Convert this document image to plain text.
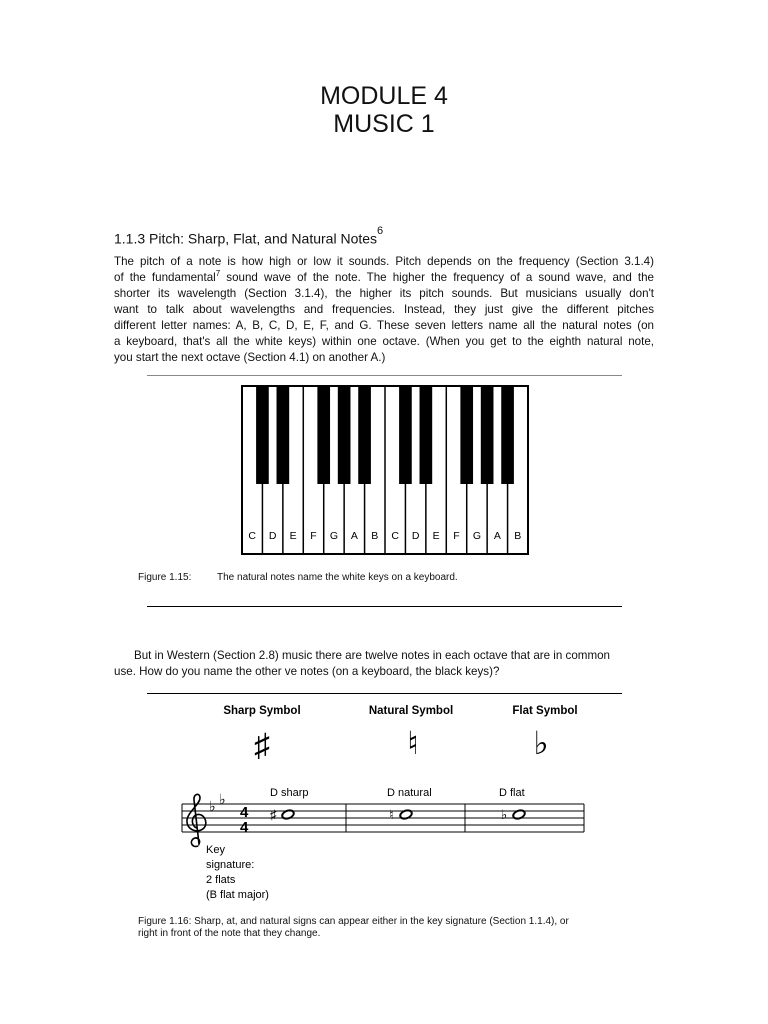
MODULE 4
MUSIC 1
1.1.3 Pitch: Sharp, Flat, and Natural Notes$^6$

The pitch of a note is how high or low it sounds. Pitch depends on the frequency (Section 3.1.4)
of the fundamental$^7$ sound wave of the note. The higher the frequency of a sound wave, and the
shorter its wavelength (Section 3.1.4), the higher its pitch sounds. But musicians usually don't
want to talk about wavelengths and frequencies. Instead, they just give the different pitches
different letter names: A, B, C, D, E, F, and G. These seven letters name all the natural notes (on
a keyboard, that's all the white keys) within one octave. (When you get to the eighth natural note,
you start the next octave (Section 4.1) on another A.)

C D E F G A B C D E F G A B
Figure 1.15:	The natural notes name the white keys on a keyboard.
But in Western (Section 2.8) music there are twelve notes in each octave that are in common
use. How do you name the other ve notes (on a keyboard, the black keys)?
Sharp Symbol	Natural Symbol	Flat Symbol
♯	♮	♭
D sharp	D natural	D flat
♭ ♭
4
4
♯	♮	♭
Key
signature:
2 flats
(B flat major)
Figure 1.16: Sharp, at, and natural signs can appear either in the key signature (Section 1.1.4), or
right in front of the note that they change.
